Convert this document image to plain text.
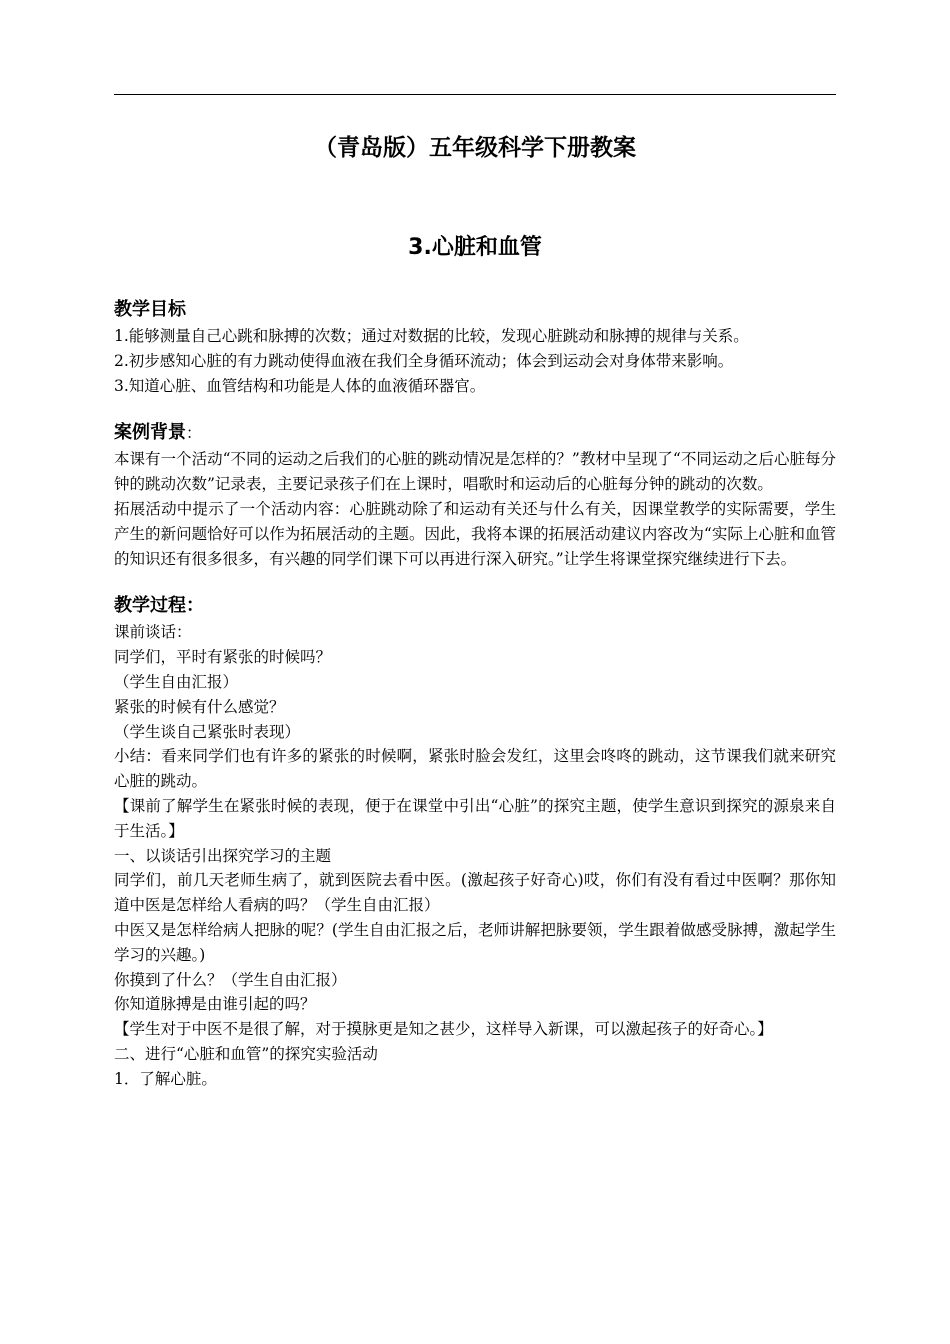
（青岛版）五年级科学下册教案
3.心脏和血管
教学目标

1.能够测量自己心跳和脉搏的次数；通过对数据的比较，发现心脏跳动和脉搏的规律与关系。

2.初步感知心脏的有力跳动使得血液在我们全身循环流动；体会到运动会对身体带来影响。

3.知道心脏、血管结构和功能是人体的血液循环器官。

案例背景：

本课有一个活动“不同的运动之后我们的心脏的跳动情况是怎样的？”教材中呈现了“不同运动之后心脏每分钟的跳动次数”记录表，主要记录孩子们在上课时，唱歌时和运动后的心脏每分钟的跳动的次数。

拓展活动中提示了一个活动内容：心脏跳动除了和运动有关还与什么有关，因课堂教学的实际需要，学生产生的新问题恰好可以作为拓展活动的主题。因此，我将本课的拓展活动建议内容改为“实际上心脏和血管的知识还有很多很多，有兴趣的同学们课下可以再进行深入研究。”让学生将课堂探究继续进行下去。

教学过程：

课前谈话：

同学们，平时有紧张的时候吗？

（学生自由汇报）

紧张的时候有什么感觉？

（学生谈自己紧张时表现）

小结：看来同学们也有许多的紧张的时候啊，紧张时脸会发红，这里会咚咚的跳动，这节课我们就来研究心脏的跳动。

【课前了解学生在紧张时候的表现，便于在课堂中引出“心脏”的探究主题，使学生意识到探究的源泉来自于生活。】

一、以谈话引出探究学习的主题

同学们，前几天老师生病了，就到医院去看中医。(激起孩子好奇心)哎，你们有没有看过中医啊？那你知道中医是怎样给人看病的吗？（学生自由汇报）

中医又是怎样给病人把脉的呢？(学生自由汇报之后，老师讲解把脉要领，学生跟着做感受脉搏，激起学生学习的兴趣。)

你摸到了什么？（学生自由汇报）

你知道脉搏是由谁引起的吗？

【学生对于中医不是很了解，对于摸脉更是知之甚少，这样导入新课，可以激起孩子的好奇心。】

二、进行“心脏和血管”的探究实验活动

1．了解心脏。
